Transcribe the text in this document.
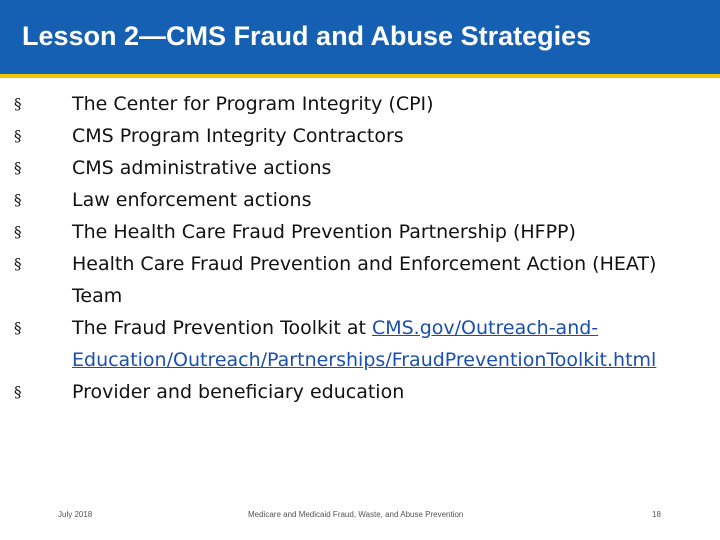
Lesson 2—CMS Fraud and Abuse Strategies
§	The Center for Program Integrity (CPI)
§	CMS Program Integrity Contractors
§	CMS administrative actions
§	Law enforcement actions
§	The Health Care Fraud Prevention Partnership (HFPP)
§	Health Care Fraud Prevention and Enforcement Action (HEAT) Team
§	The Fraud Prevention Toolkit at CMS.gov/Outreach-and-Education/Outreach/Partnerships/FraudPrevention​Toolkit.html
§	Provider and beneficiary education
July 2018	Medicare and Medicaid Fraud, Waste, and Abuse Prevention	18
